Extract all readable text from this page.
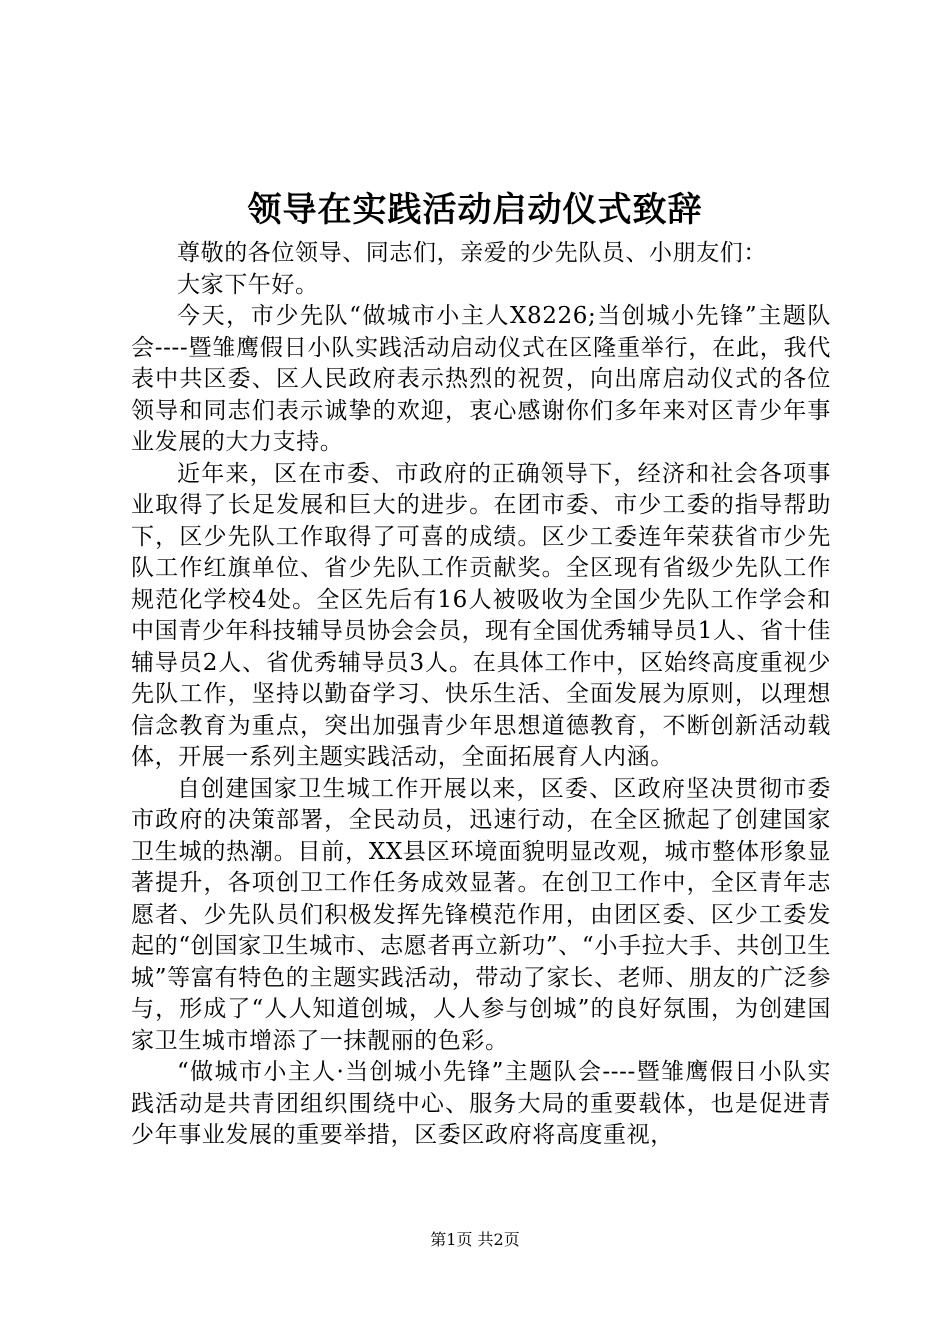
领导在实践活动启动仪式致辞

尊敬的各位领导、同志们，亲爱的少先队员、小朋友们：

大家下午好。

今天，市少先队“做城市小主人X8226;当创城小先锋”主题队会----暨雏鹰假日小队实践活动启动仪式在区隆重举行，在此，我代表中共区委、区人民政府表示热烈的祝贺，向出席启动仪式的各位领导和同志们表示诚挚的欢迎，衷心感谢你们多年来对区青少年事业发展的大力支持。

近年来，区在市委、市政府的正确领导下，经济和社会各项事业取得了长足发展和巨大的进步。在团市委、市少工委的指导帮助下，区少先队工作取得了可喜的成绩。区少工委连年荣获省市少先队工作红旗单位、省少先队工作贡献奖。全区现有省级少先队工作规范化学校4处。全区先后有16人被吸收为全国少先队工作学会和中国青少年科技辅导员协会会员，现有全国优秀辅导员1人、省十佳辅导员2人、省优秀辅导员3人。在具体工作中，区始终高度重视少先队工作，坚持以勤奋学习、快乐生活、全面发展为原则，以理想信念教育为重点，突出加强青少年思想道德教育，不断创新活动载体，开展一系列主题实践活动，全面拓展育人内涵。

自创建国家卫生城工作开展以来，区委、区政府坚决贯彻市委市政府的决策部署，全民动员，迅速行动，在全区掀起了创建国家卫生城的热潮。目前，XX县区环境面貌明显改观，城市整体形象显著提升，各项创卫工作任务成效显著。在创卫工作中，全区青年志愿者、少先队员们积极发挥先锋模范作用，由团区委、区少工委发起的“创国家卫生城市、志愿者再立新功”、“小手拉大手、共创卫生城”等富有特色的主题实践活动，带动了家长、老师、朋友的广泛参与，形成了“人人知道创城，人人参与创城”的良好氛围，为创建国家卫生城市增添了一抹靓丽的色彩。

“做城市小主人·当创城小先锋”主题队会----暨雏鹰假日小队实践活动是共青团组织围绕中心、服务大局的重要载体，也是促进青少年事业发展的重要举措，区委区政府将高度重视，

第1页 共2页
